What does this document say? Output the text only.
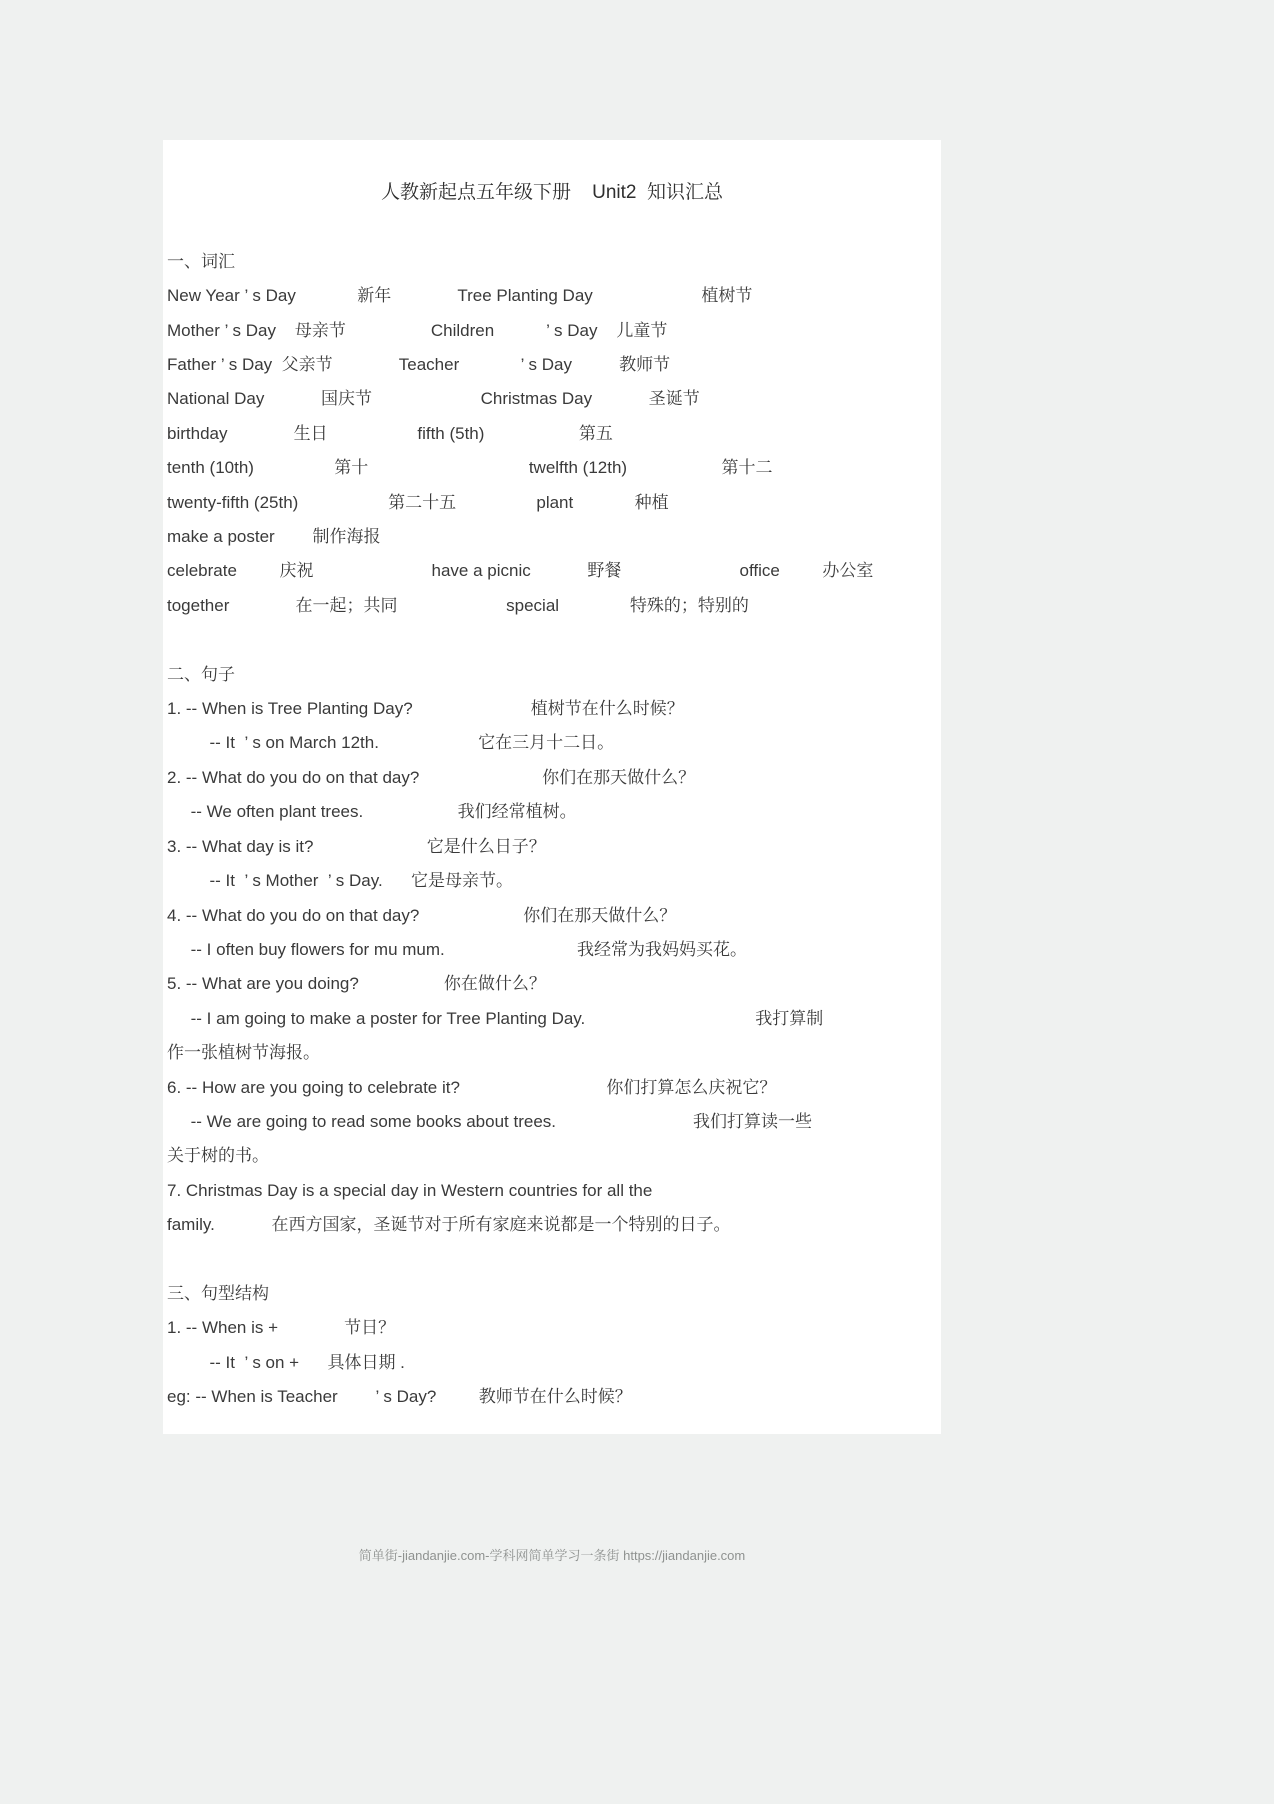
人教新起点五年级下册    Unit2  知识汇总
一、词汇
New Year ’ s Day             新年              Tree Planting Day                       植树节
Mother ’ s Day    母亲节                  Children           ’ s Day    儿童节
Father ’ s Day  父亲节              Teacher             ’ s Day          教师节
National Day            国庆节                       Christmas Day            圣诞节
birthday              生日                   fifth (5th)                    第五
tenth (10th)                 第十                                  twelfth (12th)                    第十二
twenty-fifth (25th)                   第二十五                 plant             种植
make a poster        制作海报
celebrate         庆祝                         have a picnic            野餐                         office         办公室
together              在一起；共同                       special               特殊的；特别的
二、句子
1. -- When is Tree Planting Day?                         植树节在什么时候？
-- It  ’ s on March 12th.                     它在三月十二日。
2. -- What do you do on that day?                          你们在那天做什么？
-- We often plant trees.                    我们经常植树。
3. -- What day is it?                        它是什么日子？
-- It  ’ s Mother  ’ s Day.      它是母亲节。
4. -- What do you do on that day?                      你们在那天做什么？
-- I often buy flowers for mu mum.                            我经常为我妈妈买花。
5. -- What are you doing?                  你在做什么？
-- I am going to make a poster for Tree Planting Day.                                    我打算制
作一张植树节海报。
6. -- How are you going to celebrate it?                               你们打算怎么庆祝它？
-- We are going to read some books about trees.                             我们打算读一些
关于树的书。
7. Christmas Day is a special day in Western countries for all the
family.            在西方国家，圣诞节对于所有家庭来说都是一个特别的日子。
三、句型结构
1. -- When is +              节日？
-- It  ’ s on +      具体日期 .
eg: -- When is Teacher        ’ s Day?         教师节在什么时候？
简单街-jiandanjie.com-学科网简单学习一条街 https://jiandanjie.com
